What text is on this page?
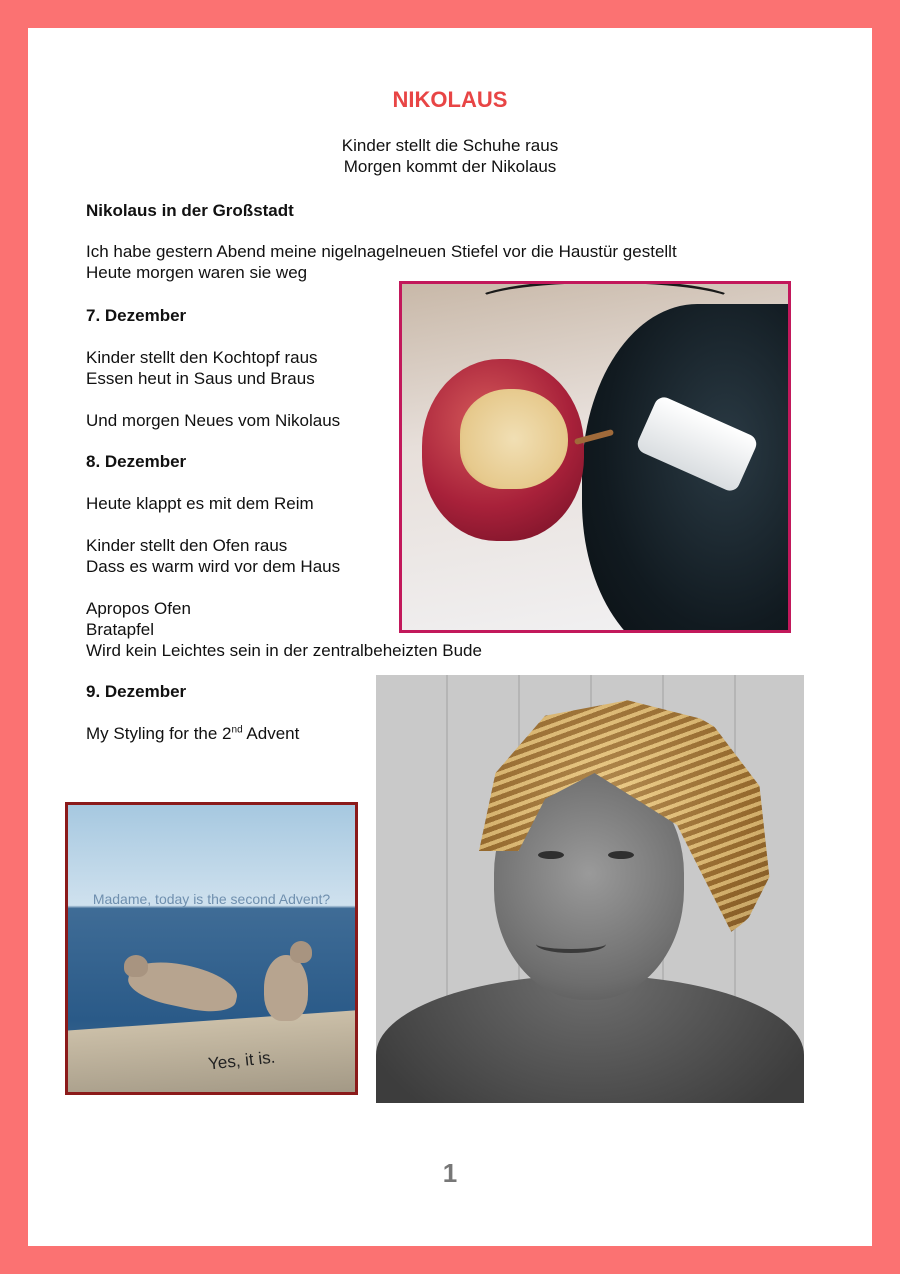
NIKOLAUS
Kinder stellt die Schuhe raus
Morgen kommt der Nikolaus
Nikolaus in der Großstadt
Ich habe gestern Abend meine nigelnagelneuen Stiefel vor die Haustür gestellt
Heute morgen waren sie weg
7. Dezember
Kinder stellt den Kochtopf raus
Essen heut in Saus und Braus
Und morgen Neues vom Nikolaus
8. Dezember
Heute klappt es mit dem Reim
Kinder stellt den Ofen raus
Dass es warm wird vor dem Haus
Apropos Ofen
Bratapfel
Wird kein Leichtes sein in der zentralbeheizten Bude
9. Dezember
My Styling for the 2nd Advent
Madame, today is the second Advent?
Yes, it is.
1
